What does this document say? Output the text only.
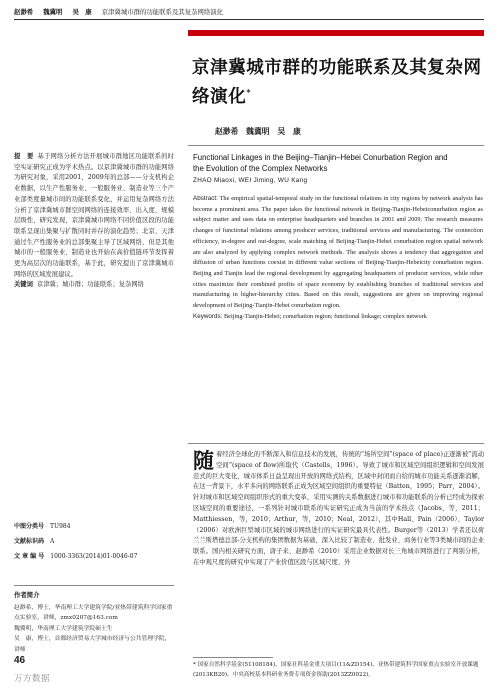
赵渺希 魏冀明 吴　康 京津冀城市群的功能联系及其复杂网络演化
京津冀城市群的功能联系及其复杂网络演化*
赵渺希　魏冀明　吴　康
提　要 基于网络分析方法开展城市群地区功能联系的时空实证研究正成为学术热点。以京津冀城市群的功能网络为研究对象，采用2001、2009年的总部——分支机构企业数据，以生产性服务业、一般服务业、制造业等三个产业部类度量城市间的功能联系变化，并运用复杂网络方法分析了京津冀城市群空间网络的连接效率、出入度、规模层级性、研究发现，京津冀城市网络不同价值区段的功能联系呈现出集聚与扩散同时并存的演化趋势；北京、天津通过生产性服务业的总部集聚主导了区域网络，但是其他城市的一般服务业、制造业也开始在高价值链环节发挥着更为高层次的功能联系，基于此，研究提出了京津冀城市网络的区域发展建议。
关键词 京津冀；城市群；功能联系；复杂网络
Functional Linkages in the Beijing–Tianjin–Hebei Conurbation Region and
the Evolution of the Complex Networks
ZHAO Miaoxi, WEI Jiming, WU Kang
Abstract: The empirical spatial-temporal study on the functional relations in city regions by network analysis has become a prominent area. The paper takes the functional network in Beijing-Tianjin-Hebeiconurbation region as subject matter and uses data on enterprise headquarters and branches in 2001 and 2009. The research measures changes of functional relations among producer services, traditional services and manufacturing. The connection efficiency, in-degree and out-degree, scale matching of Beijing-Tianjin-Hebei conurbation region spatial network are also analyzed by applying complex network methods. The analysis shows a tendency that aggregation and diffusion of urban functions coexist in different value sections of Beijing-Tianjin-Hebeicity conurbation region. Beijing and Tianjin lead the regional development by aggregating headquarters of producer services, while other cities maximize their combined profits of space economy by establishing branches of traditional services and manufacturing in higher-hierarchy cities. Based on this result, suggestions are given on improving regional development of Beijing-Tianjin-Hebei conurbation region.
Keywords: Beijing-Tianjin-Hebei; conurbation region; functional linkage; complex network
中图分类号 TU984
文献标识码 A
文 章 编 号 1000-3363(2014)01-0046-07
作者简介
赵渺希，博士，华南理工大学建筑学院/亚热带建筑科学国家重点实验室，讲师，zmx0207@163.com
魏冀明，华南理工大学建筑学院硕士生
吴　康，博士，首都经济贸易大学城市经济与公共管理学院，讲师
随着经济全球化的不断深入和信息技术的发展，传统的“场所空间”(space of place)正逐渐被“流动空间”(space of flow)所取代（Castells，1996）。导致了城市和区域空间组织逻辑和空间发展范式的巨大变化，城市体系日益呈现出开放的网络式结构，区域中封闭而自给的城市功能关系逐渐消解，在这一背景下，水平多向的网络联系正成为区域空间组织的重要特征（Batten，1995；Parr，2004）。针对城市和区域空间组织形式的重大变革，采用实测的关系数据进行城市和功能联系的分析已经成为探索区域空间的重要途径，一系列针对城市联系的实证研究正成为当前的学术热点（Jacobs，等，2011；Matthiessen，等，2010；Arthur，等，2010；Neal，2012），其中Hall、Pain（2006）、Taylor（2006）对欧洲巨型城市区域的城市网络进行的实证研究最具代表性。Burger等（2013）学者还以荷兰兰斯塔德总部-分支机构的集团数据为基础，深入比较了制造业、批发业、商务行业等3类城市间的企业联系。国内相关研究方面，唐子来、赵渺希（2010）采用企业数据对长三角城市网络进行了判别分析，在中观尺度的研究中实现了产业价值区段与区域尺度、外
* 国家自然科学基金(51108184)、国家社科基金重大项目(11&ZD154)、亚热带建筑科学国家重点实验室开放课题(2013KB20)、中央高校基本科研业务费专项资金资助(2013ZZ0022)。
46
万方数据
